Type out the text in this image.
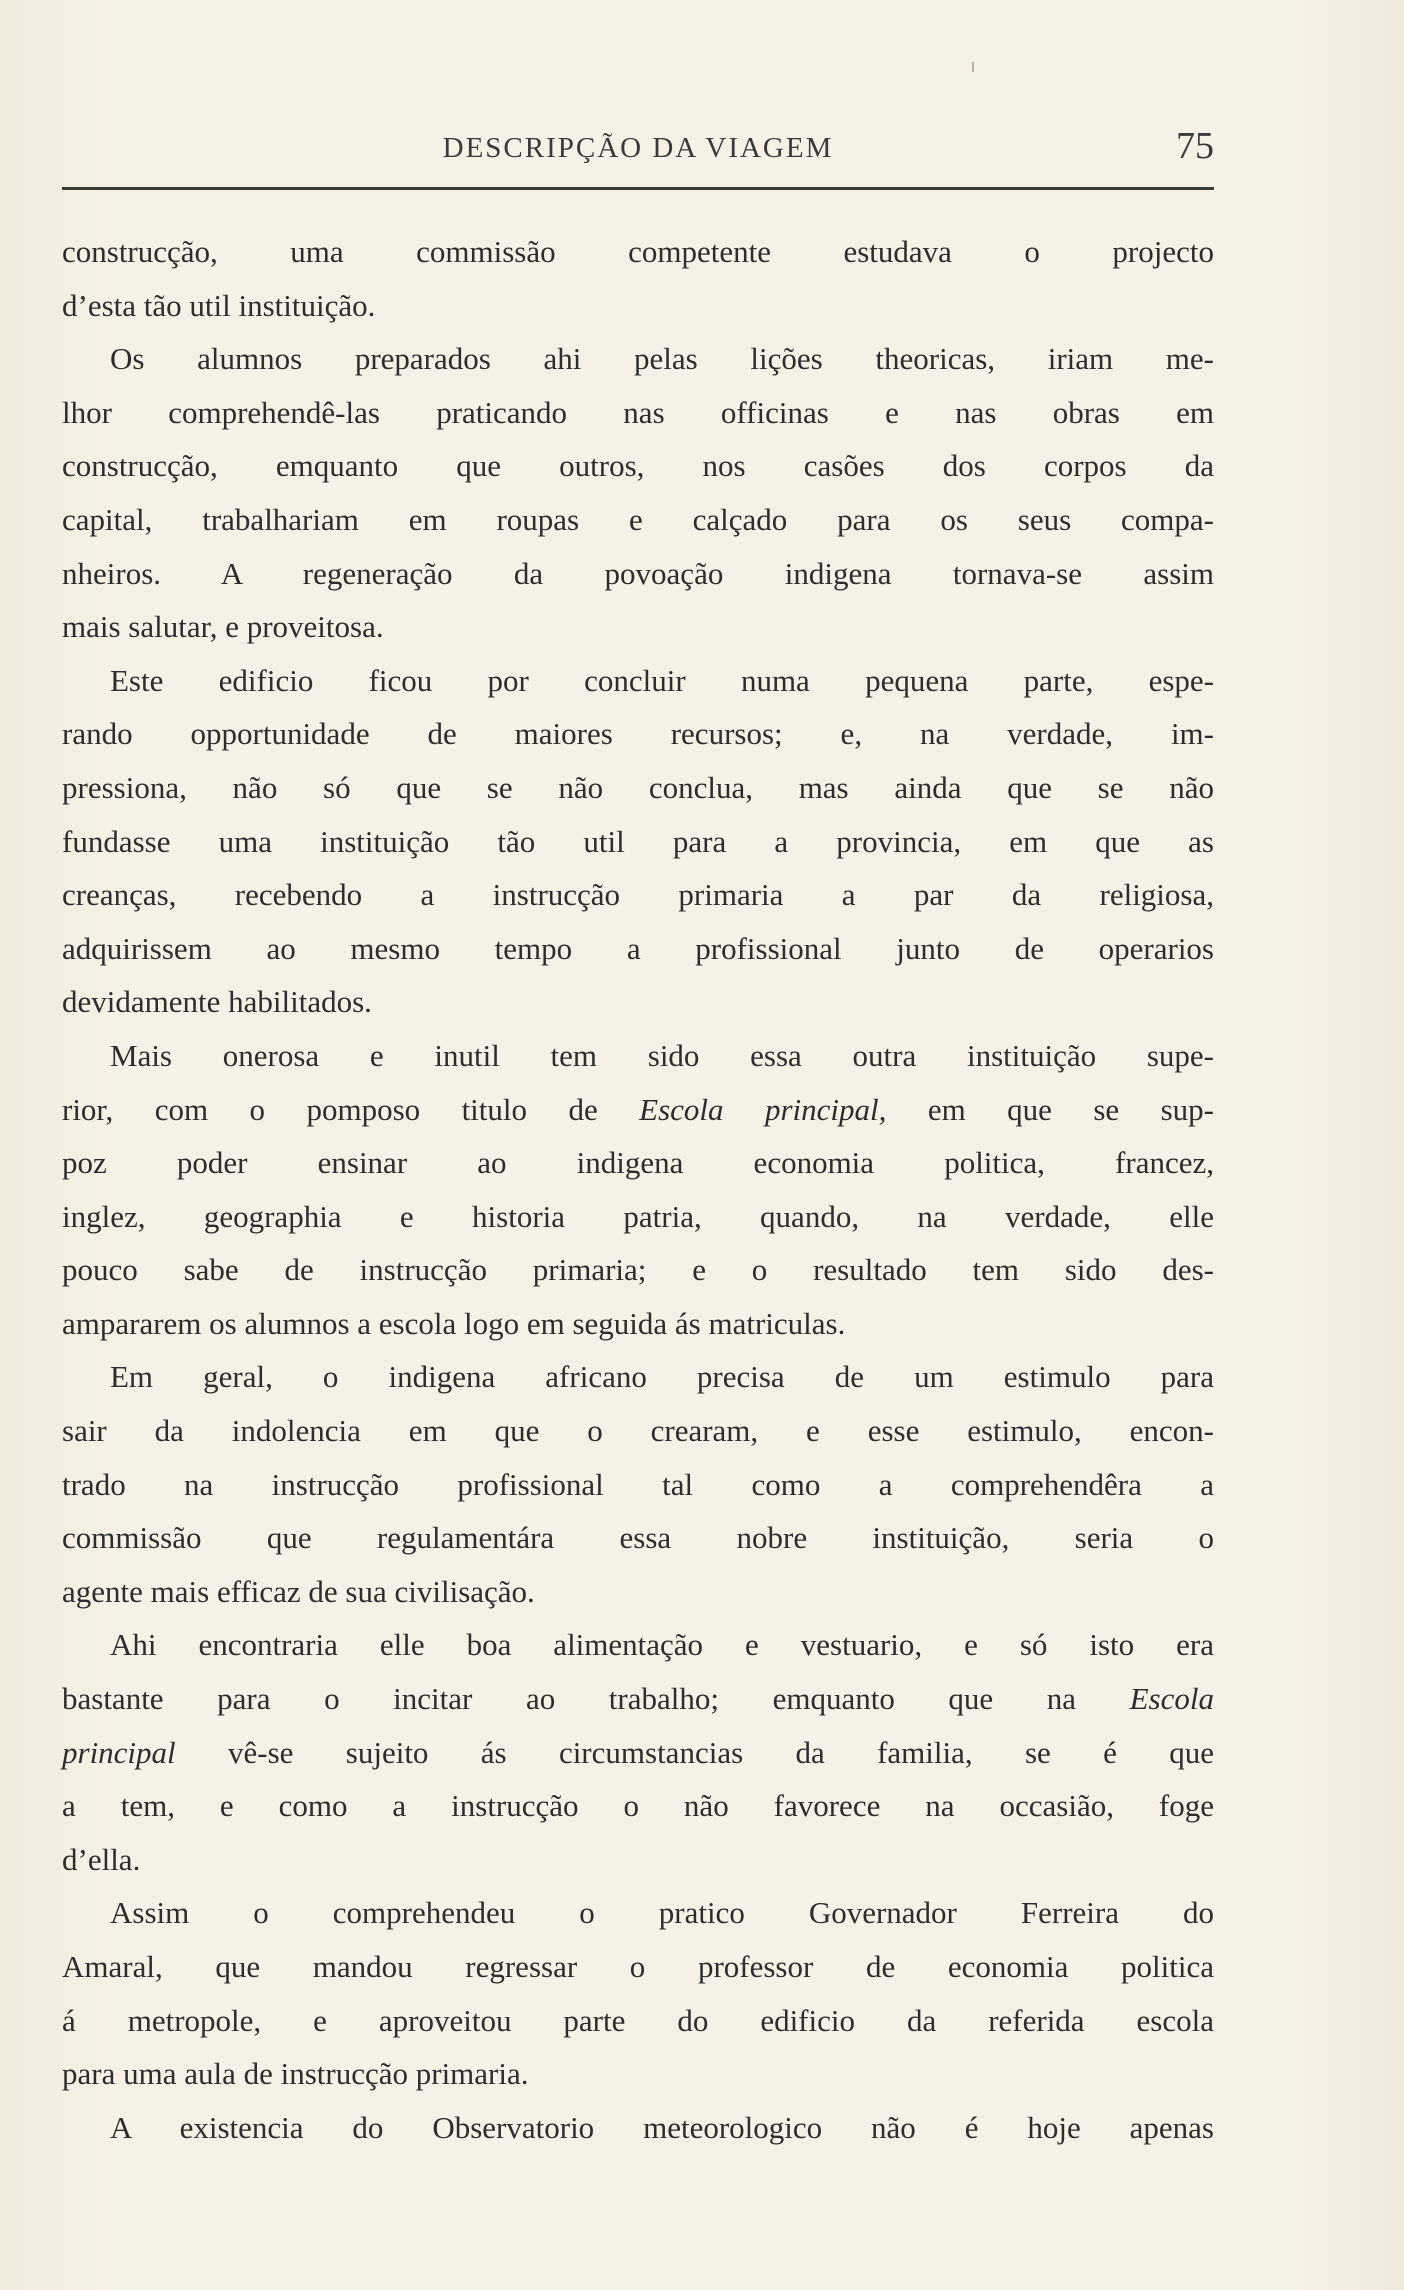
DESCRIPÇÃO DA VIAGEM	75
construcção, uma commissão competente estudava o projecto
d’esta tão util instituição.
Os alumnos preparados ahi pelas lições theoricas, iriam me-
lhor comprehendê-las praticando nas officinas e nas obras em
construcção, emquanto que outros, nos casões dos corpos da
capital, trabalhariam em roupas e calçado para os seus compa-
nheiros. A regeneração da povoação indigena tornava-se assim
mais salutar, e proveitosa.
Este edificio ficou por concluir numa pequena parte, espe-
rando opportunidade de maiores recursos; e, na verdade, im-
pressiona, não só que se não conclua, mas ainda que se não
fundasse uma instituição tão util para a provincia, em que as
creanças, recebendo a instrucção primaria a par da religiosa,
adquirissem ao mesmo tempo a profissional junto de operarios
devidamente habilitados.
Mais onerosa e inutil tem sido essa outra instituição supe-
rior, com o pomposo titulo de Escola principal, em que se sup-
poz poder ensinar ao indigena economia politica, francez,
inglez, geographia e historia patria, quando, na verdade, elle
pouco sabe de instrucção primaria; e o resultado tem sido des-
ampararem os alumnos a escola logo em seguida ás matriculas.
Em geral, o indigena africano precisa de um estimulo para
sair da indolencia em que o crearam, e esse estimulo, encon-
trado na instrucção profissional tal como a comprehendêra a
commissão que regulamentára essa nobre instituição, seria o
agente mais efficaz de sua civilisação.
Ahi encontraria elle boa alimentação e vestuario, e só isto era
bastante para o incitar ao trabalho; emquanto que na Escola
principal vê-se sujeito ás circumstancias da familia, se é que
a tem, e como a instrucção o não favorece na occasião, foge
d’ella.
Assim o comprehendeu o pratico Governador Ferreira do
Amaral, que mandou regressar o professor de economia politica
á metropole, e aproveitou parte do edificio da referida escola
para uma aula de instrucção primaria.
A existencia do Observatorio meteorologico não é hoje apenas
